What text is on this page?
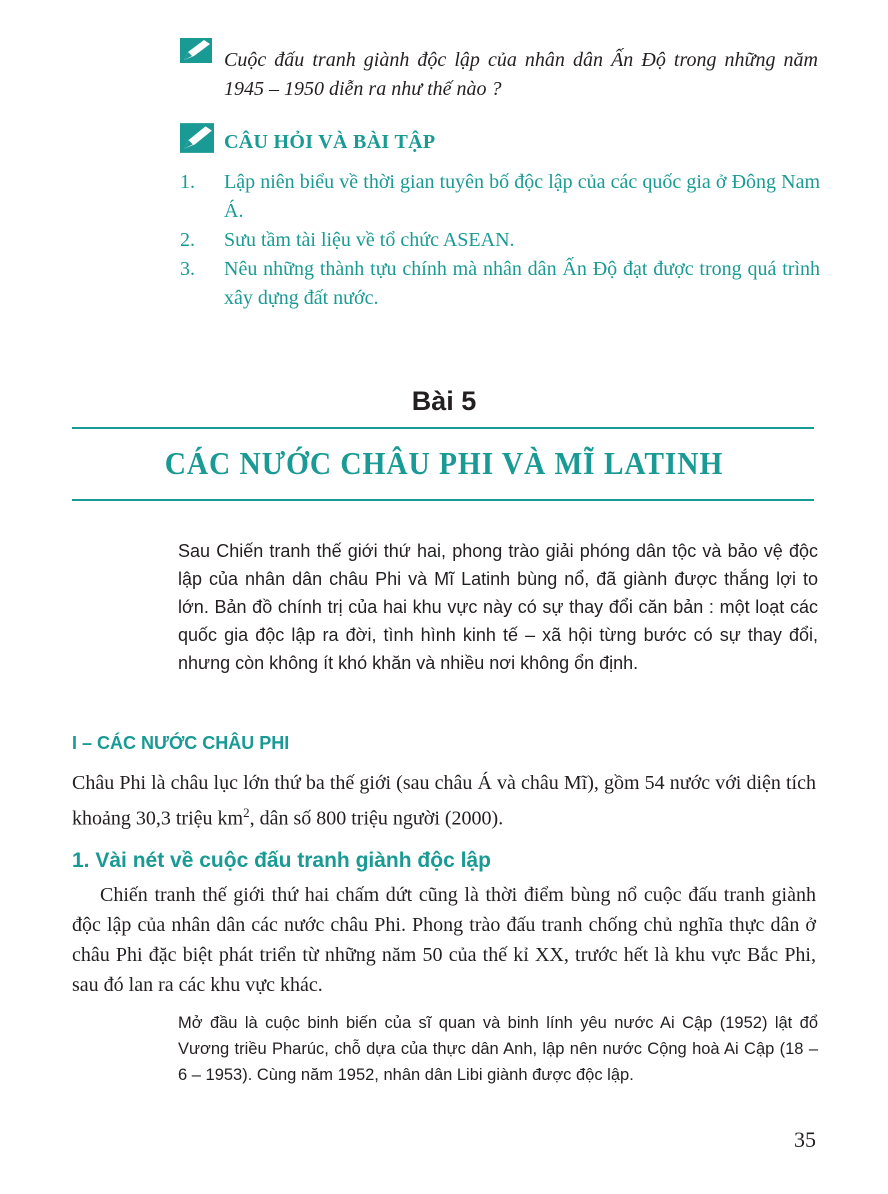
Cuộc đấu tranh giành độc lập của nhân dân Ấn Độ trong những năm 1945 – 1950 diễn ra như thế nào ?
CÂU HỎI VÀ BÀI TẬP
1.	Lập niên biểu về thời gian tuyên bố độc lập của các quốc gia ở Đông Nam Á.
2.	Sưu tầm tài liệu về tổ chức ASEAN.
3.	Nêu những thành tựu chính mà nhân dân Ấn Độ đạt được trong quá trình xây dựng đất nước.
Bài 5
CÁC NƯỚC CHÂU PHI VÀ MĨ LATINH
Sau Chiến tranh thế giới thứ hai, phong trào giải phóng dân tộc và bảo vệ độc lập của nhân dân châu Phi và Mĩ Latinh bùng nổ, đã giành được thắng lợi to lớn. Bản đồ chính trị của hai khu vực này có sự thay đổi căn bản : một loạt các quốc gia độc lập ra đời, tình hình kinh tế – xã hội từng bước có sự thay đổi, nhưng còn không ít khó khăn và nhiều nơi không ổn định.
I – CÁC NƯỚC CHÂU PHI
Châu Phi là châu lục lớn thứ ba thế giới (sau châu Á và châu Mĩ), gồm 54 nước với diện tích khoảng 30,3 triệu $km^2$, dân số 800 triệu người (2000).
1. Vài nét về cuộc đấu tranh giành độc lập
Chiến tranh thế giới thứ hai chấm dứt cũng là thời điểm bùng nổ cuộc đấu tranh giành độc lập của nhân dân các nước châu Phi. Phong trào đấu tranh chống chủ nghĩa thực dân ở châu Phi đặc biệt phát triển từ những năm 50 của thế kỉ XX, trước hết là khu vực Bắc Phi, sau đó lan ra các khu vực khác.
Mở đầu là cuộc binh biến của sĩ quan và binh lính yêu nước Ai Cập (1952) lật đổ Vương triều Pharúc, chỗ dựa của thực dân Anh, lập nên nước Cộng hoà Ai Cập (18 – 6 – 1953). Cùng năm 1952, nhân dân Libi giành được độc lập.
35
